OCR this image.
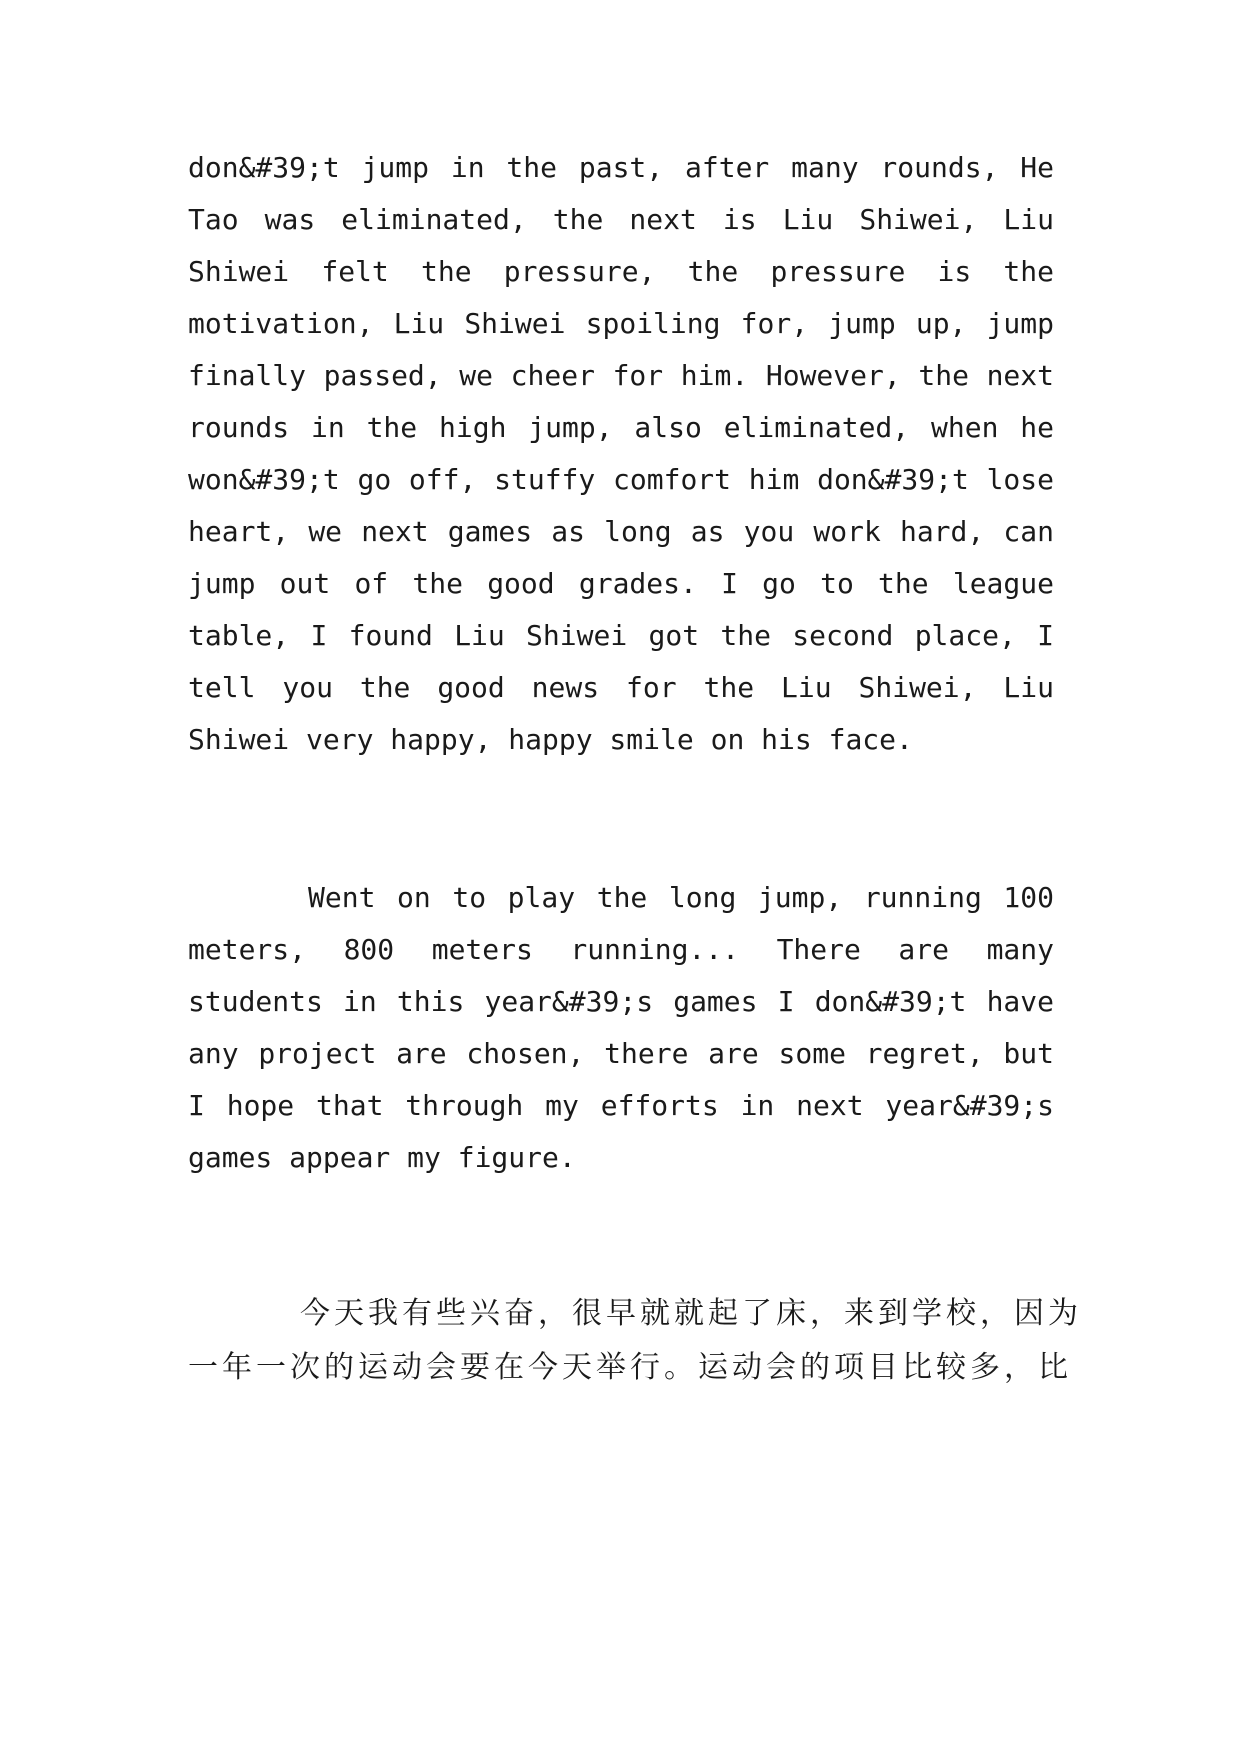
don&#39;t jump in the past, after many rounds, He
Tao was eliminated, the next is Liu Shiwei, Liu
Shiwei felt the pressure, the pressure is the
motivation, Liu Shiwei spoiling for, jump up, jump
finally passed, we cheer for him. However, the next
rounds in the high jump, also eliminated, when he
won&#39;t go off, stuffy comfort him don&#39;t lose
heart, we next games as long as you work hard, can
jump out of the good grades. I go to the league
table, I found Liu Shiwei got the second place, I
tell you the good news for the Liu Shiwei, Liu
Shiwei very happy, happy smile on his face.
Went on to play the long jump, running 100
meters, 800 meters running... There are many
students in this year&#39;s games I don&#39;t have
any project are chosen, there are some regret, but
I hope that through my efforts in next year&#39;s
games appear my figure.
今天我有些兴奋，很早就就起了床，来到学校，因为
一年一次的运动会要在今天举行。运动会的项目比较多，比
